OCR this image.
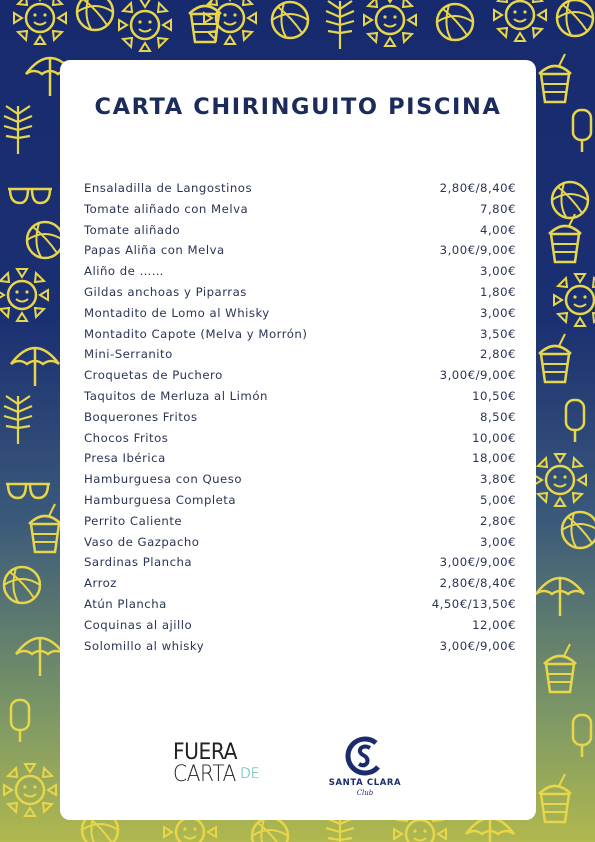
CARTA CHIRINGUITO PISCINA
Ensaladilla de Langostinos	2,80€/8,40€
Tomate aliñado con Melva	7,80€
Tomate aliñado	4,00€
Papas Aliña con Melva	3,00€/9,00€
Aliño de ……	3,00€
Gildas anchoas y Piparras	1,80€
Montadito de Lomo al Whisky	3,00€
Montadito Capote (Melva y Morrón)	3,50€
Mini-Serranito	2,80€
Croquetas de Puchero	3,00€/9,00€
Taquitos de Merluza al Limón	10,50€
Boquerones Fritos	8,50€
Chocos Fritos	10,00€
Presa Ibérica	18,00€
Hamburguesa con Queso	3,80€
Hamburguesa Completa	5,00€
Perrito Caliente	2,80€
Vaso de Gazpacho	3,00€
Sardinas Plancha	3,00€/9,00€
Arroz	2,80€/8,40€
Atún Plancha	4,50€/13,50€
Coquinas al ajillo	12,00€
Solomillo al whisky	3,00€/9,00€
FUERA
CARTA DE
SANTA CLARA
Club
